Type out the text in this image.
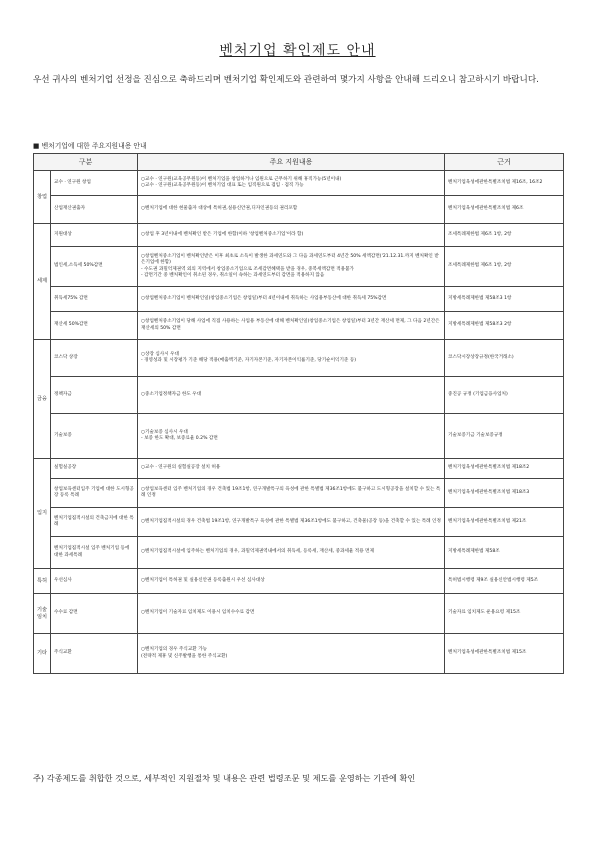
벤처기업 확인제도 안내
우선 귀사의 벤처기업 선정을 진심으로 축하드리며 벤처기업 확인제도와 관련하여 몇가지 사항을 안내해 드리오니 참고하시기 바랍니다.
■ 벤처기업에 대한 주요지원내용 안내
구분		주요 지원내용	근거
창업	교수 · 연구원 창업	○교수 · 연구원(교육공무원등)이 벤처기업을 창업하거나 임원으로 근무하기 위해 휴직가능(5년이내)
○교수 · 연구원(교육공무원등)이 벤처기업 대표 또는 임직원으로 겸임 · 겸직 가능	벤처기업육성에관한특별조치법 제16조, 16조2
	산업재산권출자	○벤처기업에 대한 현물출자 대상에 특허권,실용신안권,디자인권등의 권리포함	벤처기업육성에관한특별조치법 제6조
세제	지원대상	○창업 후 3년이내에 벤처확인 받은 기업에 한함(이하 '창업벤처중소기업'이라 함)	조세특례제한법 제6조 1항, 2항
	법인세,소득세 50%감면	○창업벤처중소기업이 벤처확인받은 이후 최초로 소득이 발생한 과세연도와 그 다음 과세연도부터 4년간 50% 세액감면('21.12.31.까지 벤처확인 받은기업에 한함)
- 수도권 과밀억제권역 외의 지역에서 창업중소기업으로 조세감면혜택을 받을 경우, 중복세액감면 적용불가
- 감면기간 중 벤처확인이 취소된 경우, 취소일이 속하는 과세연도부터 감면을 적용하지 않음	조세특례제한법 제6조 1항, 2항
	취득세75% 감면	○창업벤처중소기업이 벤처확인일(창업중소기업은 창업일)부터 4년이내에 취득하는 사업용부동산에 대한 취득세 75%감면	지방세특례제한법 제58조3 1항
	재산세 50%감면	○창업벤처중소기업이 당해 사업에 직접 사용하는 사업용 부동산에 대해 벤처확인일(창업중소기업은 창업일)부터 3년간 재산세 면제, 그 다음 2년간은 재산세의 50% 감면	지방세특례제한법 제58조3 2항
금융	코스닥 상장	○상장 심사시 우대
- 경영성과 및 시장평가 기준 해당 적용(매출액기준, 자기자본기준, 자기자본이익률기준, 당기순이익기준 등)	코스닥시장상장규정(한국거래소)
	정책자금	○중소기업정책자금 한도 우대	중진공 규정 (기업금융사업처)
	기술보증	○기술보증 심사시 우대
- 보증 한도 확대, 보증료율 0.2% 감면	기술보증기금 기술보증규정
입지	실험실공장	○교수 · 연구원의 실험실공장 설치 허용	벤처기업육성에관한특별조치법 제18조2
	창업보육센터입주 기업에 대한 도시형공장 등록 특례	○창업보육센터 입주 벤처기업의 경우 건축법 19조1항, 연구개발특구의 육성에 관한 특별법 제36조1항에도 불구하고 도시형공장을 설치할 수 있는 특례 인정	벤처기업육성에관한특별조치법 제18조3
	벤처기업집적시설의 건축금지에 대한 특례	○벤처기업집적시설의 경우 건축법 19조1항, 연구개발특구 육성에 관한 특별법 제36조1항에도 불구하고, 건축물(공장 등)을 건축할 수 있는 특례 인정	벤처기업육성에관한특별조치법 제21조
	벤처기업집적시설 입주 벤처기업 등에 대한 과세특례	○벤처기업집적시설에 입주하는 벤처기업의 경우, 과밀억제권역내에서의 취득세, 등록세, 재산세, 중과세율 적용 면제	지방세특례제한법 제58조
특허	우선심사	○벤처기업이 특허권 및 실용신안권 등록출원시 우선 심사대상	특허법시행령 제9조 실용신안법시행령 제5조
기술임치	수수료 감면	○벤처기업이 기술자료 임치제도 이용시 임치수수료 감면	기술자료 임치제도 운용요령 제15조
기타	주식교환	○벤처기업의 경우 주식교환 가능
(전략적 제휴 및 신주발행을 통한 주식교환)	벤처기업육성에관한특별조치법 제15조
주) 각종제도를 취합한 것으로, 세부적인 지원절차 및 내용은 관련 법령조문 및 제도를 운영하는 기관에 확인
